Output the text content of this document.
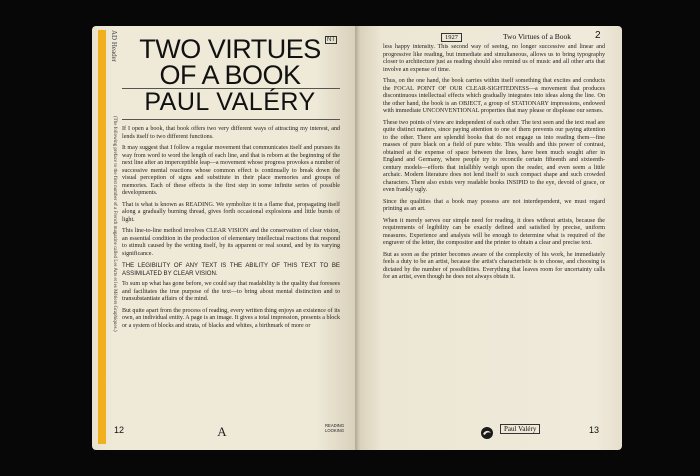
AD Header
(The following preface to the first number of a French magazine called Les Arts et les Métiers Graphiques.)
NT
TWO VIRTUES
OF A BOOK
PAUL VALÉRY

If I open a book, that book offers two very different ways of attracting my interest, and lends itself to two different functions.

It may suggest that I follow a regular movement that communicates itself and pursues its way from word to word the length of each line, and that is reborn at the beginning of the next line after an imperceptible leap—a movement whose progress provokes a number of successive mental reactions whose common effect is continually to break down the visual perception of signs and substitute in their place memories and groups of memories. Each of these effects is the first step in some infinite series of possible developments.

That is what is known as READING. We symbolize it in a flame that, propagating itself along a gradually burning thread, gives forth occasional explosions and little bursts of light.

This line-to-line method involves CLEAR VISION and the conservation of clear vision, an essential condition in the production of elementary intellectual reactions that respond to stimuli caused by the writing itself, by its apparent or real sound, and by its varying significance.

THE LEGIBILITY OF ANY TEXT IS THE ABILITY OF THIS TEXT TO BE ASSIMILATED BY CLEAR VISION.

To sum up what has gone before, we could say that readability is the quality that foresees and facilitates the true purpose of the text—to bring about mental distinction and to transubstantiate affairs of the mind.

But quite apart from the process of reading, every written thing enjoys an existence of its own, an individual entity. A page is an image. It gives a total impression, presents a block or a system of blocks and strata, of blacks and whites, a birthmark of more or

12	A	READING LOOKING
1927	Two Virtues of a Book 2

less happy intensity. This second way of seeing, no longer successive and linear and progressive like reading, but immediate and simultaneous, allows us to bring typography closer to architecture just as reading should also remind us of music and all other arts that involve an expense of time.

Thus, on the one hand, the book carries within itself something that excites and conducts the FOCAL POINT OF OUR CLEAR-SIGHTEDNESS—a movement that produces discontinuous intellectual effects which gradually integrates into ideas along the line. On the other hand, the book is an OBJECT, a group of STATIONARY impressions, endowed with immediate UNCONVENTIONAL properties that may please or displease our senses.

These two points of view are independent of each other. The text seen and the text read are quite distinct matters, since paying attention to one of them prevents our paying attention to the other. There are splendid books that do not engage us into reading them—fine masses of pure black on a field of pure white. This wealth and this power of contrast, obtained at the expense of space between the lines, have been much sought after in England and Germany, where people try to reconcile certain fifteenth and sixteenth-century models—efforts that infallibly weigh upon the reader, and even seem a little archaic. Modern literature does not lend itself to such compact shape and such crowded characters. There also exists very readable books INSIPID to the eye, devoid of grace, or even frankly ugly.

Since the qualities that a book may possess are not interdependent, we must regard printing as an art.

When it merely serves our simple need for reading, it does without artists, because the requirements of legibility can be exactly defined and satisfied by precise, uniform measures. Experience and analysis will be enough to determine what is required of the engraver of the letter, the compositor and the printer to obtain a clear and precise text.

But as soon as the printer becomes aware of the complexity of his work, he immediately feels a duty to be an artist, because the artist's characteristic is to choose, and choosing is dictated by the number of possibilities. Everything that leaves room for uncertainty calls for an artist, even though he does not always obtain it.

Paul Valéry	13
